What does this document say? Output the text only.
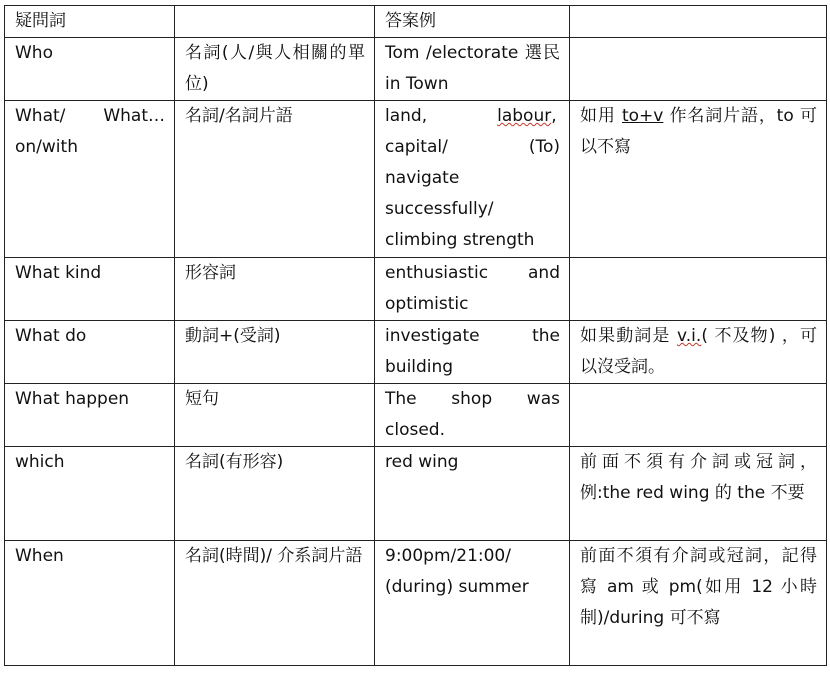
疑問詞		答案例	
Who	名詞(人/與人相關的單位)	Tom /electorate 選民 in Town	
What/ What…on/with	名詞/名詞片語	land, labour, capital/ (To) navigate successfully/ climbing strength	如用 to+v 作名詞片語，to 可以不寫
What kind	形容詞	enthusiastic and optimistic	
What do	動詞+(受詞)	investigate the building	如果動詞是 v.i.( 不及物) ，可以沒受詞。
What happen	短句	The shop was closed.	
which	名詞(有形容)	red wing	前面不須有介詞或冠詞，例:the red wing 的 the 不要
When	名詞(時間)/ 介系詞片語	9:00pm/21:00/ (during) summer	前面不須有介詞或冠詞，記得寫 am 或 pm(如用 12 小時制)/during 可不寫
